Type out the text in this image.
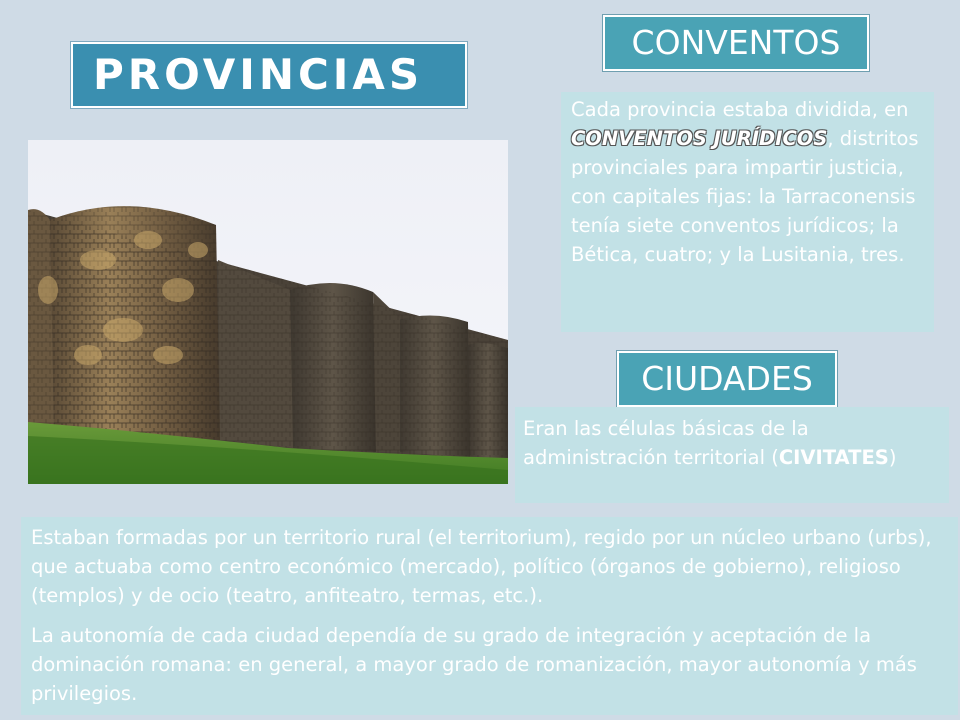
PROVINCIAS
CONVENTOS
Cada provincia estaba dividida, en CONVENTOS JURÍDICOS, distritos provinciales para impartir justicia, con capitales fijas: la Tarraconensis tenía siete conventos jurídicos; la Bética, cuatro; y la Lusitania, tres.
CIUDADES
Eran las células básicas de la administración territorial (CIVITATES)

Estaban formadas por un territorio rural (el territorium), regido por un núcleo urbano (urbs), que actuaba como centro económico (mercado), político (órganos de gobierno), religioso (templos) y de ocio (teatro, anfiteatro, termas, etc.).

La autonomía de cada ciudad dependía de su grado de integración y aceptación de la dominación romana: en general, a mayor grado de romanización, mayor autonomía y más privilegios.
